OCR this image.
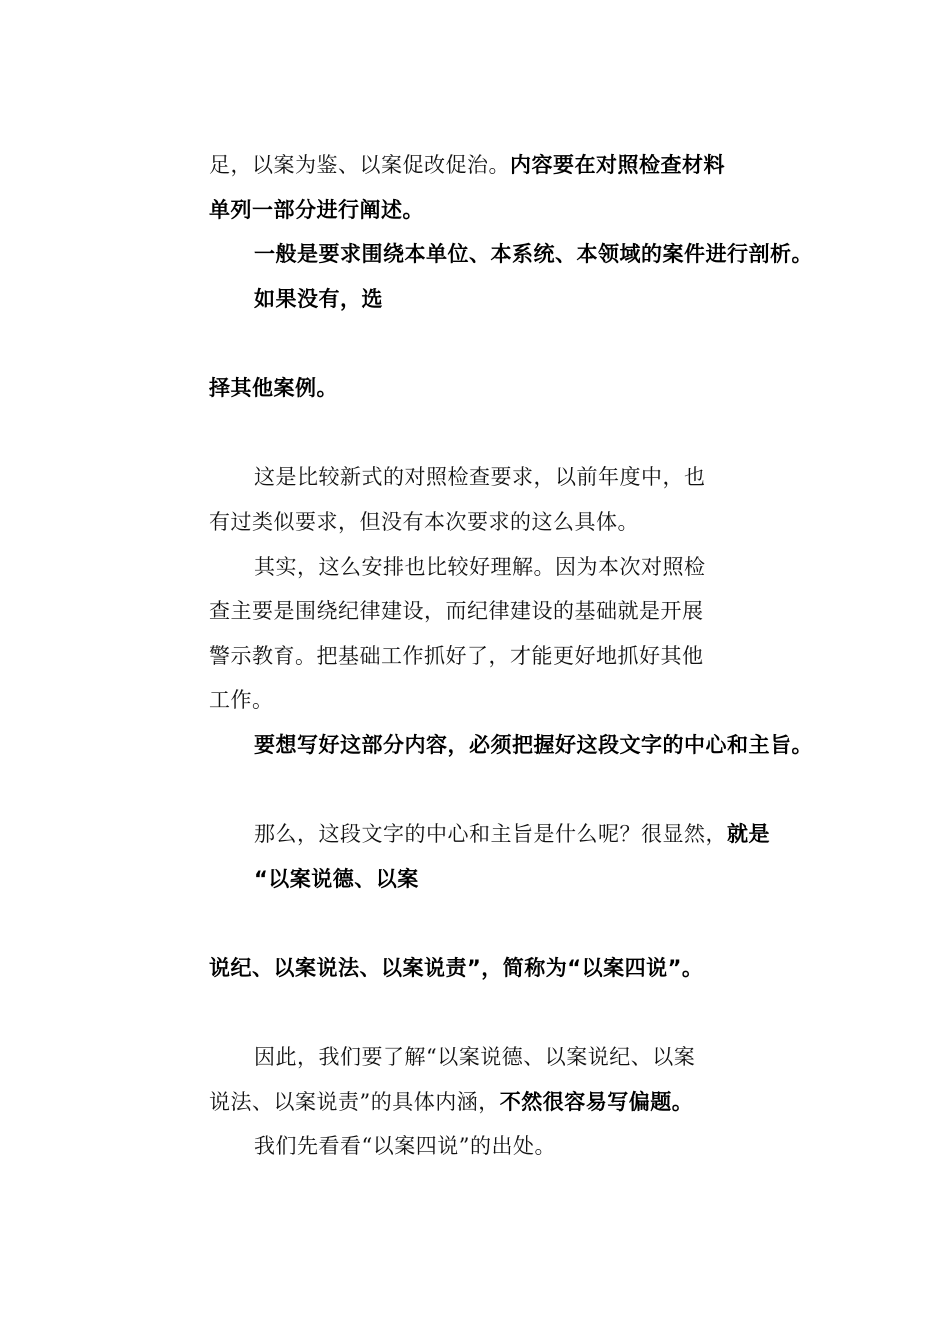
足，以案为鉴、以案促改促治。内容要在对照检查材料
单列一部分进行阐述。
一般是要求围绕本单位、本系统、本领域的案件进行剖析。
如果没有，选
择其他案例。
这是比较新式的对照检查要求，以前年度中，也
有过类似要求，但没有本次要求的这么具体。
其实，这么安排也比较好理解。因为本次对照检
查主要是围绕纪律建设，而纪律建设的基础就是开展
警示教育。把基础工作抓好了，才能更好地抓好其他
工作。
要想写好这部分内容，必须把握好这段文字的中心和主旨。
那么，这段文字的中心和主旨是什么呢？很显然，就是
“以案说德、以案
说纪、以案说法、以案说责”，简称为“以案四说”。
因此，我们要了解“以案说德、以案说纪、以案
说法、以案说责”的具体内涵，不然很容易写偏题。
我们先看看“以案四说”的出处。
